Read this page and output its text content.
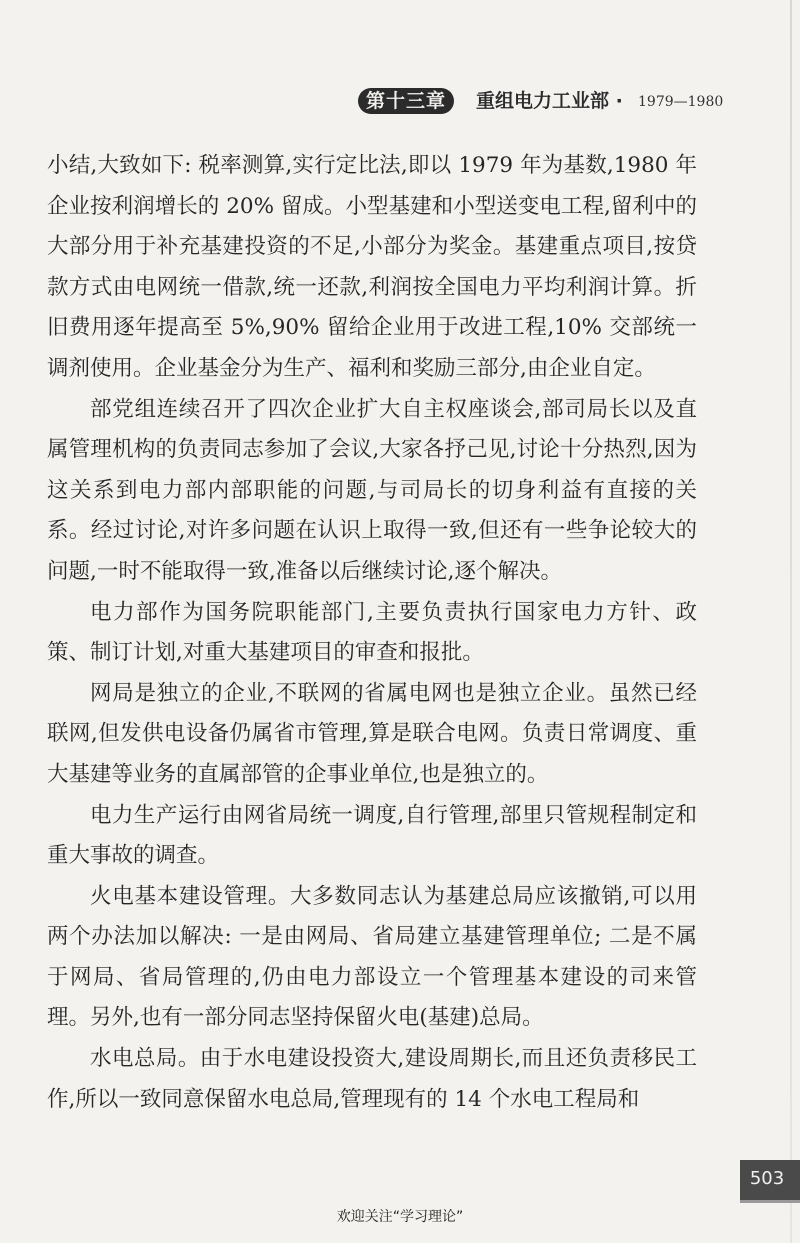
第十三章	重组电力工业部 · 1979—1980

小结,大致如下: 税率测算,实行定比法,即以 1979 年为基数,1980 年企业按利润增长的 20% 留成。小型基建和小型送变电工程,留利中的大部分用于补充基建投资的不足,小部分为奖金。基建重点项目,按贷款方式由电网统一借款,统一还款,利润按全国电力平均利润计算。折旧费用逐年提高至 5%,90% 留给企业用于改进工程,10% 交部统一调剂使用。企业基金分为生产、福利和奖励三部分,由企业自定。

部党组连续召开了四次企业扩大自主权座谈会,部司局长以及直属管理机构的负责同志参加了会议,大家各抒己见,讨论十分热烈,因为这关系到电力部内部职能的问题,与司局长的切身利益有直接的关系。经过讨论,对许多问题在认识上取得一致,但还有一些争论较大的问题,一时不能取得一致,准备以后继续讨论,逐个解决。

电力部作为国务院职能部门,主要负责执行国家电力方针、政策、制订计划,对重大基建项目的审查和报批。

网局是独立的企业,不联网的省属电网也是独立企业。虽然已经联网,但发供电设备仍属省市管理,算是联合电网。负责日常调度、重大基建等业务的直属部管的企事业单位,也是独立的。

电力生产运行由网省局统一调度,自行管理,部里只管规程制定和重大事故的调查。

火电基本建设管理。大多数同志认为基建总局应该撤销,可以用两个办法加以解决: 一是由网局、省局建立基建管理单位; 二是不属于网局、省局管理的,仍由电力部设立一个管理基本建设的司来管理。另外,也有一部分同志坚持保留火电(基建)总局。

水电总局。由于水电建设投资大,建设周期长,而且还负责移民工作,所以一致同意保留水电总局,管理现有的 14 个水电工程局和

503
欢迎关注“学习理论”
